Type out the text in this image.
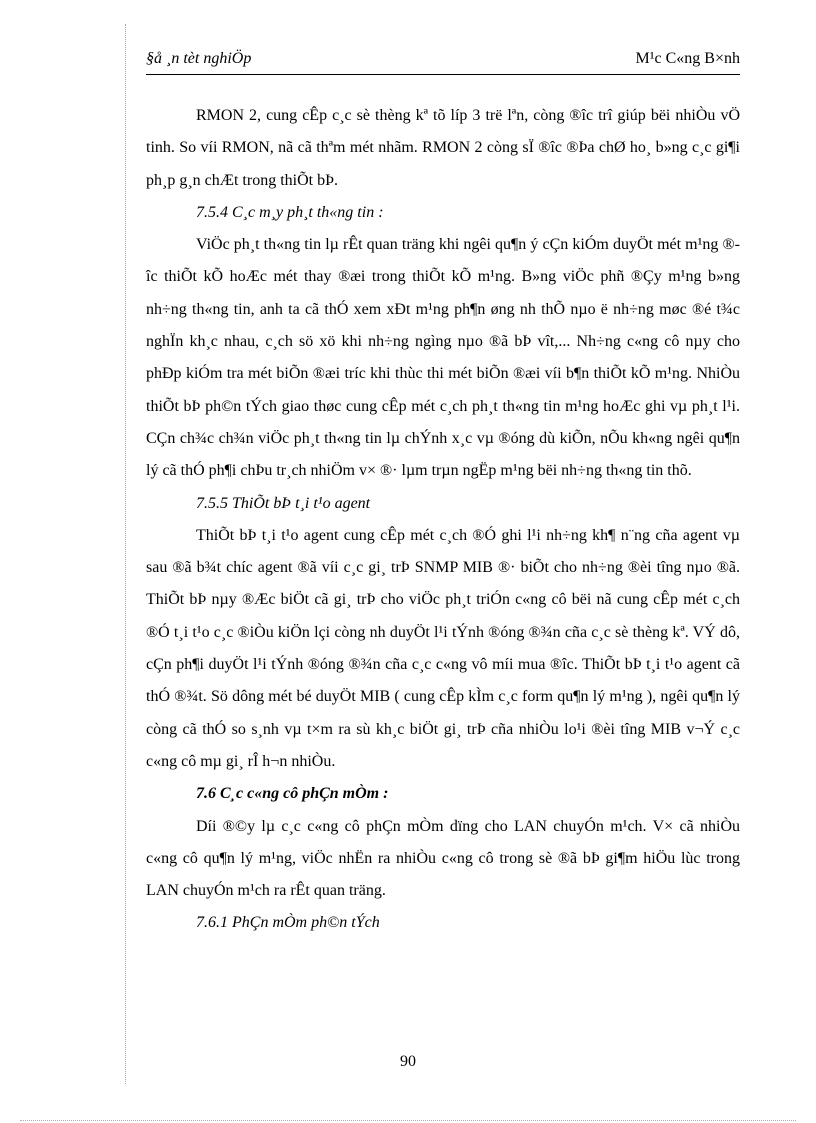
§å ¸n tèt nghiÖp	M¹c C«ng B×nh

RMON 2, cung cÊp c¸c sè thèng kª tõ líp 3 trë lªn, còng ®îc trî giúp bëi nhiÒu vÖ tinh. So víi RMON, nã cã thªm mét nhãm. RMON 2 còng sÏ ®îc ®Þa chØ ho¸ b»ng c¸c gi¶i ph¸p g¸n chÆt trong thiÕt bÞ.

7.5.4 C¸c m¸y ph¸t th«ng tin :

ViÖc ph¸t th«ng tin lµ rÊt quan träng khi ngêi qu¶n ý cÇn kiÓm duyÖt mét m¹ng ®îc thiÕt kÕ hoÆc mét thay ®æi trong thiÕt kÕ m¹ng. B»ng viÖc phñ ®Çy m¹ng b»ng nh÷ng th«ng tin, anh ta cã thÓ xem xÐt m¹ng ph¶n øng nh thÕ nµo ë nh÷ng møc ®é t¾c nghÏn kh¸c nhau, c¸ch sö xö khi nh÷ng ngìng nµo ®ã bÞ vît,... Nh÷ng c«ng cô nµy cho phÐp kiÓm tra mét biÕn ®æi tríc khi thùc thi mét biÕn ®æi víi b¶n thiÕt kÕ m¹ng. NhiÒu thiÕt bÞ ph©n tÝch giao thøc cung cÊp mét c¸ch ph¸t th«ng tin m¹ng hoÆc ghi vµ ph¸t l¹i. CÇn ch¾c ch¾n viÖc ph¸t th«ng tin lµ chÝnh x¸c vµ ®óng dù kiÕn, nÕu kh«ng ngêi qu¶n lý cã thÓ ph¶i chÞu tr¸ch nhiÖm v× ®· lµm trµn ngËp m¹ng bëi nh÷ng th«ng tin thõ.

7.5.5 ThiÕt bÞ t¸i t¹o agent

ThiÕt bÞ t¸i t¹o agent cung cÊp mét c¸ch ®Ó ghi l¹i nh÷ng kh¶ n¨ng cña agent vµ sau ®ã b¾t chíc agent ®ã víi c¸c gi¸ trÞ SNMP MIB ®· biÕt cho nh÷ng ®èi tîng nµo ®ã. ThiÕt bÞ nµy ®Æc biÖt cã gi¸ trÞ cho viÖc ph¸t triÓn c«ng cô bëi nã cung cÊp mét c¸ch ®Ó t¸i t¹o c¸c ®iÒu kiÖn lçi còng nh duyÖt l¹i tÝnh ®óng ®¾n cña c¸c sè thèng kª. VÝ dô, cÇn ph¶i duyÖt l¹i tÝnh ®óng ®¾n cña c¸c c«ng vô míi mua ®îc. ThiÕt bÞ t¸i t¹o agent cã thÓ ®¾t. Sö dông mét bé duyÖt MIB ( cung cÊp kÌm c¸c form qu¶n lý m¹ng ), ngêi qu¶n lý còng cã thÓ so s¸nh vµ t×m ra sù kh¸c biÖt gi¸ trÞ cña nhiÒu lo¹i ®èi tîng MIB v¬Ý c¸c c«ng cô mµ gi¸ rÎ h¬n nhiÒu.

7.6 C¸c c«ng cô phÇn mÒm :

Díi ®©y lµ c¸c c«ng cô phÇn mÒm dïng cho LAN chuyÓn m¹ch. V× cã nhiÒu c«ng cô qu¶n lý m¹ng, viÖc nhËn ra nhiÒu c«ng cô trong sè ®ã bÞ gi¶m hiÖu lùc trong LAN chuyÓn m¹ch ra rÊt quan träng.

7.6.1 PhÇn mÒm ph©n tÝch
90
